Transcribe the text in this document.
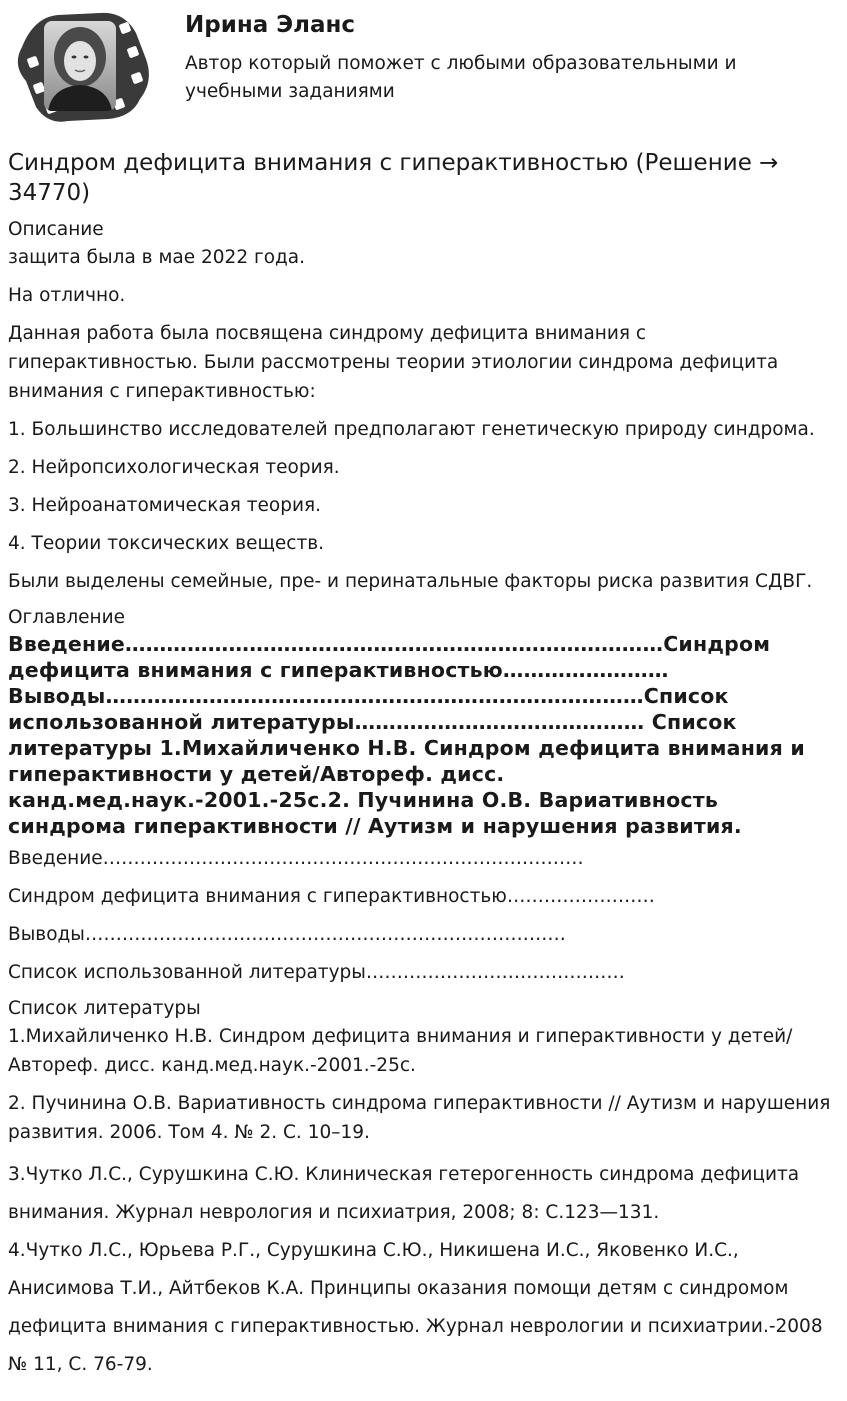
Ирина Эланс
Автор который поможет с любыми образовательными и учебными заданиями
Синдром дефицита внимания с гиперактивностью (Решение → 34770)
Описание

защита была в мае 2022 года.

На отлично.

Данная работа была посвящена синдрому дефицита внимания с гиперактивностью. Были рассмотрены теории этиологии синдрома дефицита внимания с гиперактивностью:

1. Большинство исследователей предполагают генетическую природу синдрома.

2. Нейропсихологическая теория.

3. Нейроанатомическая теория.

4. Теории токсических веществ.

Были выделены семейные, пре- и перинатальные факторы риска развития СДВГ.

Оглавление

Введение……………………………………………………………………Синдром дефицита внимания с гиперактивностью…………………… Выводы……………………………………………………………………Список использованной литературы…………………………………… Список литературы 1.Михайличенко Н.В. Синдром дефицита внимания и гиперактивности у детей/Автореф. дисс. канд.мед.наук.-2001.-25с.2. Пучинина О.В. Вариативность синдрома гиперактивности // Аутизм и нарушения развития.

Введение……………………………………………………………………

Синдром дефицита внимания с гиперактивностью……………………

Выводы……………………………………………………………………

Список использованной литературы……………………………………

Список литературы

1.Михайличенко Н.В. Синдром дефицита внимания и гиперактивности у детей/Автореф. дисс. канд.мед.наук.-2001.-25с.

2. Пучинина О.В. Вариативность синдрома гиперактивности // Аутизм и нарушения развития. 2006. Том 4. № 2. С. 10–19.

3.Чутко Л.С., Сурушкина С.Ю. Клиническая гетерогенность синдрома дефицита внимания. Журнал неврология и психиатрия, 2008; 8: С.123—131.

4.Чутко Л.С., Юрьева Р.Г., Сурушкина С.Ю., Никишена И.С., Яковенко И.С., Анисимова Т.И., Айтбеков К.А. Принципы оказания помощи детям с синдромом дефицита внимания с гиперактивностью. Журнал неврологии и психиатрии.-2008 № 11, С. 76-79.
